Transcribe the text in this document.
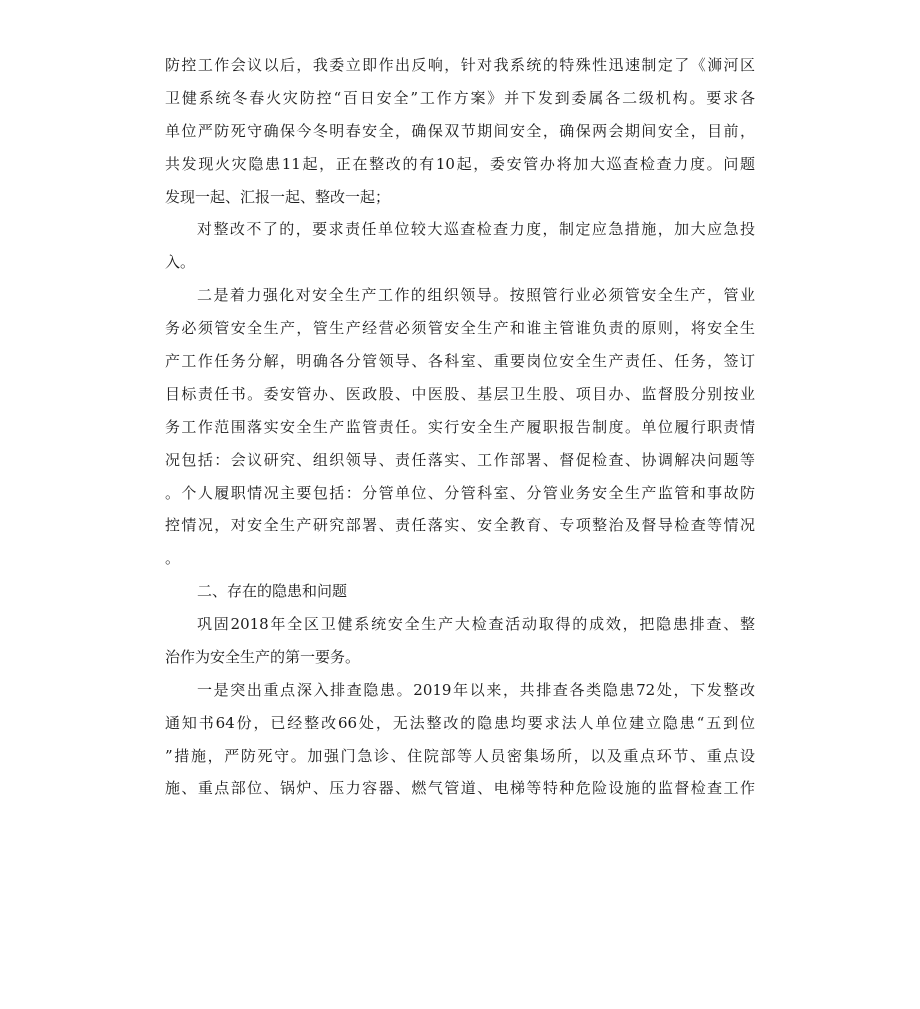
防控工作会议以后，我委立即作出反响，针对我系统的特殊性迅速制定了《浉河区
卫健系统冬春火灾防控“百日安全”工作方案》并下发到委属各二级机构。要求各
单位严防死守确保今冬明春安全，确保双节期间安全，确保两会期间安全，目前，
共发现火灾隐患11起，正在整改的有10起，委安管办将加大巡查检查力度。问题
发现一起、汇报一起、整改一起；
对整改不了的，要求责任单位较大巡查检查力度，制定应急措施，加大应急投
入。
二是着力强化对安全生产工作的组织领导。按照管行业必须管安全生产，管业
务必须管安全生产，管生产经营必须管安全生产和谁主管谁负责的原则，将安全生
产工作任务分解，明确各分管领导、各科室、重要岗位安全生产责任、任务，签订
目标责任书。委安管办、医政股、中医股、基层卫生股、项目办、监督股分别按业
务工作范围落实安全生产监管责任。实行安全生产履职报告制度。单位履行职责情
况包括：会议研究、组织领导、责任落实、工作部署、督促检查、协调解决问题等
。个人履职情况主要包括：分管单位、分管科室、分管业务安全生产监管和事故防
控情况，对安全生产研究部署、责任落实、安全教育、专项整治及督导检查等情况
。
二、存在的隐患和问题
巩固2018年全区卫健系统安全生产大检查活动取得的成效，把隐患排查、整
治作为安全生产的第一要务。
一是突出重点深入排查隐患。2019年以来，共排查各类隐患72处，下发整改
通知书64份，已经整改66处，无法整改的隐患均要求法人单位建立隐患“五到位
”措施，严防死守。加强门急诊、住院部等人员密集场所，以及重点环节、重点设
施、重点部位、锅炉、压力容器、燃气管道、电梯等特种危险设施的监督检查工作
